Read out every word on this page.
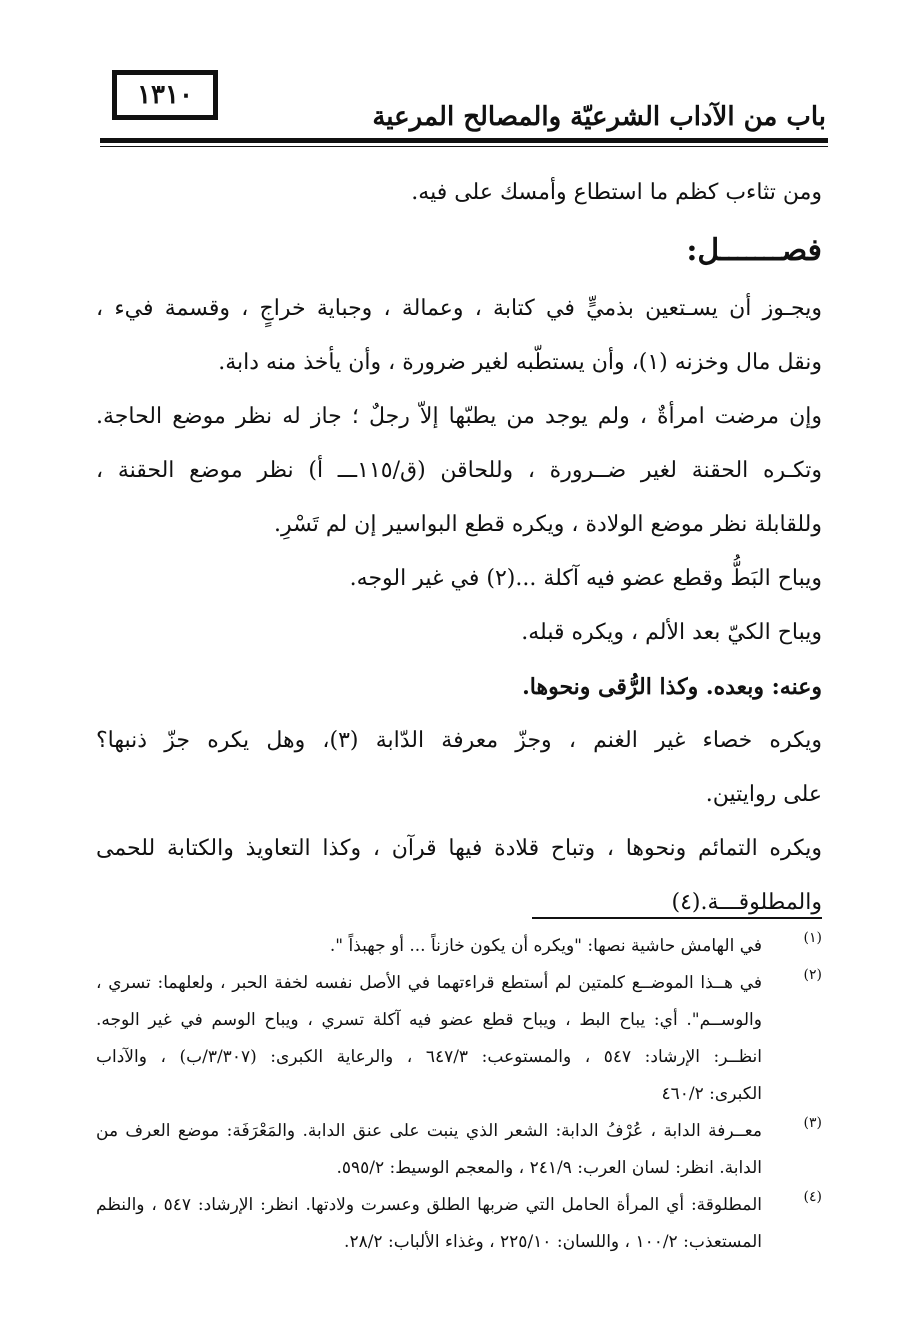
١٣١٠
باب من الآداب الشرعيّة والمصالح المرعية
ومن تثاءب كظم ما استطاع وأمسك على فيه.
فصـــــــل:
ويجـوز أن يسـتعين بذميٍّ في كتابة ، وعمالة ، وجباية خراجٍ ، وقسمة فيء ،
ونقل مال وخزنه (١)، وأن يستطّبه لغير ضرورة ، وأن يأخذ منه دابة.
وإن مرضت امرأةٌ ، ولم يوجد من يطبّها إلاّ رجلٌ ؛ جاز له نظر موضع الحاجة.
وتكـره الحقنة لغير ضــرورة ، وللحاقن (ق/١١٥ـــ أ) نظر موضع الحقنة ،
وللقابلة نظر موضع الولادة ، ويكره قطع البواسير إن لم تَسْرِ.
ويباح البَطُّ وقطع عضو فيه آكلة ...(٢) في غير الوجه.
ويباح الكيّ بعد الألم ، ويكره قبله.
وعنه: وبعده. وكذا الرُّقى ونحوها.
ويكره خصاء غير الغنم ، وجزّ معرفة الدّابة (٣)، وهل يكره جزّ ذنبها؟
على روايتين.
ويكره التمائم ونحوها ، وتباح قلادة فيها قرآن ، وكذا التعاويذ والكتابة للحمى
والمطلوقـــة.(٤)
(١)
في الهامش حاشية نصها: "ويكره أن يكون خازناً ... أو جهبذاً ".
(٢)
في هــذا الموضــع كلمتين لم أستطع قراءتهما في الأصل نفسه لخفة الحبر ، ولعلهما: تسري ،
والوســم". أي: يباح البط ، ويباح قطع عضو فيه آكلة تسري ، ويباح الوسم في غير الوجه.
انظــر: الإرشاد: ٥٤٧ ، والمستوعب: ٦٤٧/٣ ، والرعاية الكبرى: (٣/٣٠٧/ب) ، والآداب
الكبرى: ٤٦٠/٢
(٣)
معــرفة الدابة ، عُرْفُ الدابة: الشعر الذي ينبت على عنق الدابة. والمَعْرَفَة: موضع العرف من
الدابة. انظر: لسان العرب: ٢٤١/٩ ، والمعجم الوسيط: ٥٩٥/٢.
(٤)
المطلوقة: أي المرأة الحامل التي ضربها الطلق وعسرت ولادتها. انظر: الإرشاد: ٥٤٧ ، والنظم
المستعذب: ١٠٠/٢ ، واللسان: ٢٢٥/١٠ ، وغذاء الألباب: ٢٨/٢.
